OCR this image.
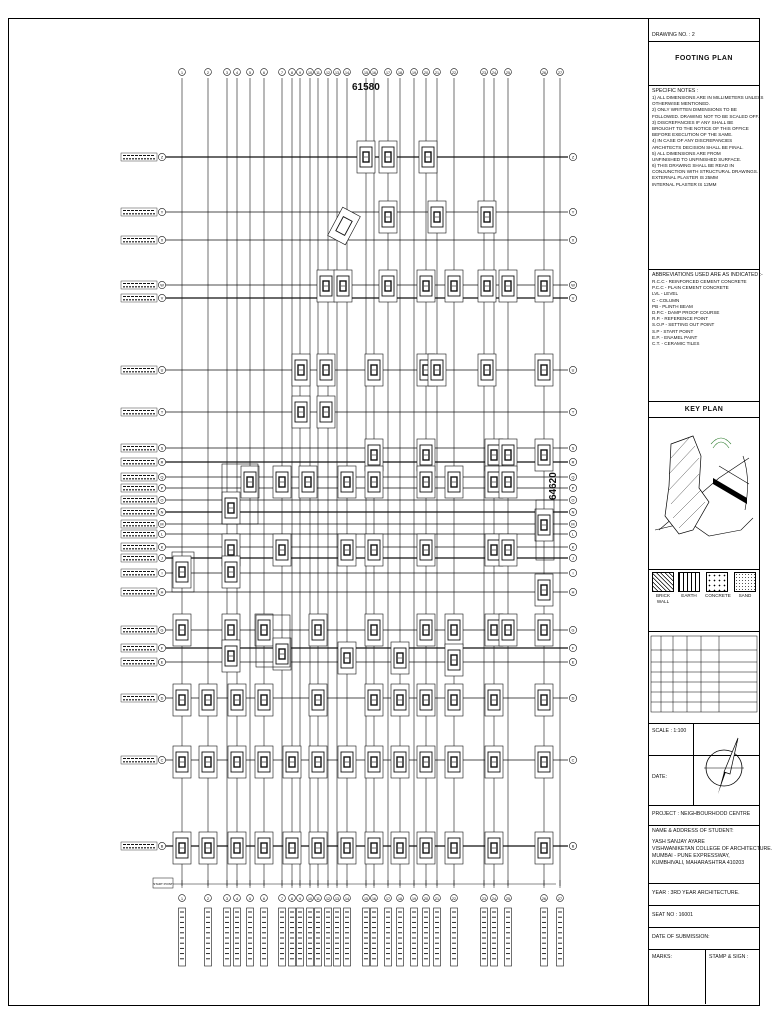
1
1
2
2
3
3
4
4
5
5
6
6
7
7
8
8
9
9
10
10
11
11
12
12
13
13
14
14
15
15
16
16
17
17
18
18
19
19
20
20
21
21
22
22
23
23
24
24
25
25
26
26
27
27
Z	Z
Y	Y
X	X
W	W
V	V
U	U
T	T
S	S
R	R
Q	Q
P	P
O	O
N	N
M	M
L	L
K	K
J	J
I	I
H	H
G	G
F	F
E	E
D	D
C	C
B	B
START POINT
61580
64620
DRAWING NO. : 2
FOOTING PLAN
SPECIFIC NOTES :
1) ALL DIMENSIONS ARE IN MILLIMETERS UNLESS
OTHERWISE MENTIONED.
2) ONLY WRITTEN DIMENSIONS TO BE
FOLLOWED. DRAWING NOT TO BE SCALED OFF.
3) DISCREPANCIES IF ANY SHALL BE
BROUGHT TO THE NOTICE OF THIS OFFICE
BEFORE EXECUTION OF THE SAME.
4) IN CASE OF ANY DISCREPANCIES
ARCHITECTS DECISION SHALL BE FINAL.
5) ALL DIMENSIONS ARE FROM
UNFINISHED TO UNFINISHED SURFACE.
6) THIS DRAWING SHALL BE READ IN
CONJUNCTION WITH STRUCTURAL DRAWINGS.
EXTERNAL PLASTER IS 25MM
INTERNAL PLASTER IS 12MM
ABBREVIATIONS USED ARE AS INDICATED :-
R.C.C - REINFORCED CEMENT CONCRETE
P.C.C - PLAIN CEMENT CONCRETE
LVL - LEVEL
C - COLUMN
PB - PLINTH BEAM
D.P.C - DAMP PROOF COURSE
R.P. - REFERENCE POINT
S.O.P - SETTING OUT POINT
S.P - START POINT
E.P. - ENAMEL PAINT
C.T. - CERAMIC TILES
KEY PLAN
BRICK WALL
EARTH	CONCRETE	SAND
SCALE : 1:100
DATE:
PROJECT : NEIGHBOURHOOD CENTRE
NAME & ADDRESS OF STUDENT:
YASH SANJAY AYARE
VISHWANIKETAN COLLEGE OF ARCHITECTURE.
MUMBAI - PUNE EXPRESSWAY,
KUMBHIVALI, MAHARASHTRA 410203
YEAR : 3RD YEAR ARCHITECTURE.
SEAT NO : 16001
DATE OF SUBMISSION:
MARKS:	STAMP & SIGN :
